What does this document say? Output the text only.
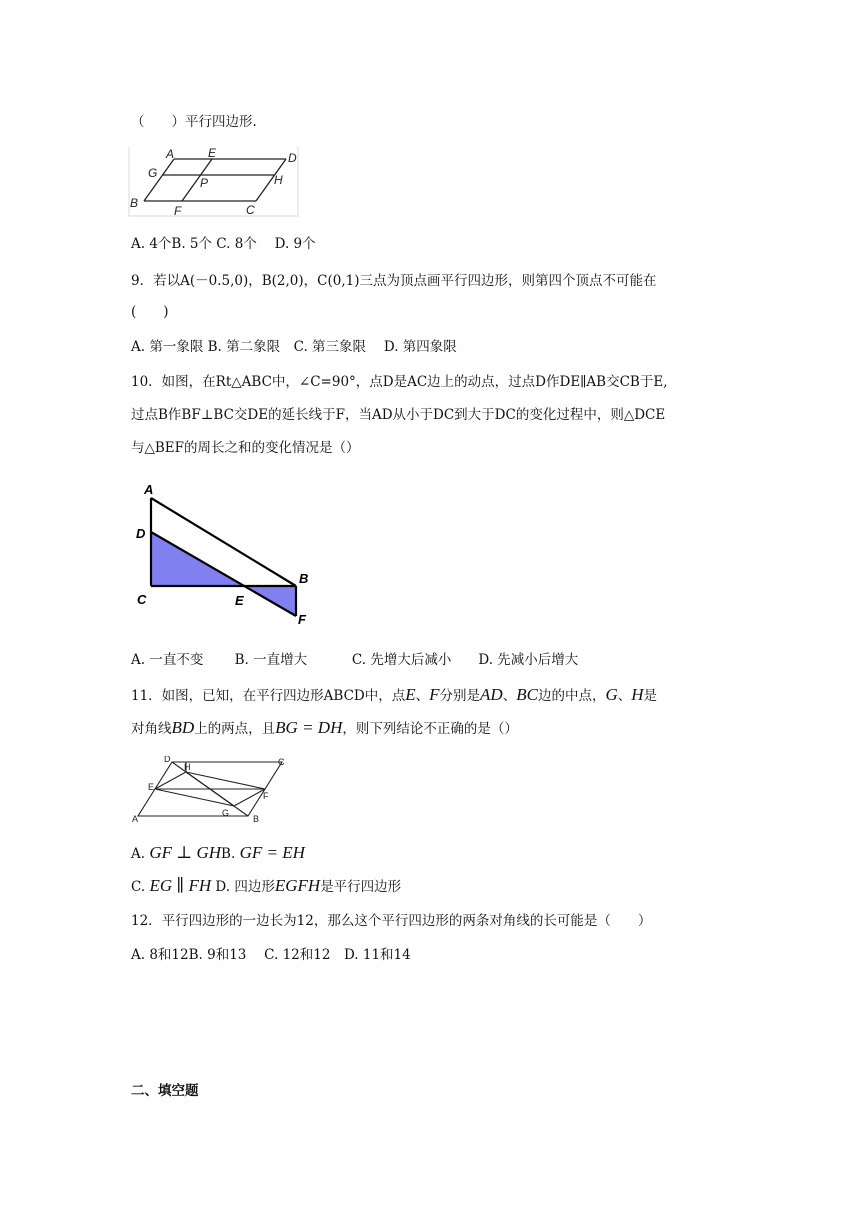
（　　）平行四边形.
A	E	D
G
P	H
B
F	C
A. 4个B. 5个 C. 8个　 D. 9个
9．若以A(－0.5,0)，B(2,0)，C(0,1)三点为顶点画平行四边形，则第四个顶点不可能在
(　　)
A. 第一象限 B. 第二象限　C. 第三象限　 D. 第四象限
10．如图，在Rt△ABC中，∠C=90°，点D是AC边上的动点，过点D作DE∥AB交CB于E,
过点B作BF⊥BC交DE的延长线于F，当AD从小于DC到大于DC的变化过程中，则△DCE
与△BEF的周长之和的变化情况是（）
A
D
C	E
B
F
A. 一直不变　　 B. 一直增大　　　 C. 先增大后减小　　D. 先减小后增大
11．如图，已知，在平行四边形ABCD中，点E、F分别是AD、BC边的中点，G、H是
对角线BD上的两点，且BG = DH，则下列结论不正确的是（）
D
H	C
E
F
A
G
B
A. GF ⊥ GHB. GF = EH
C. EG ∥ FH D. 四边形EGFH是平行四边形
12．平行四边形的一边长为12，那么这个平行四边形的两条对角线的长可能是（　　）
A. 8和12B. 9和13　 C. 12和12　D. 11和14
二、填空题
